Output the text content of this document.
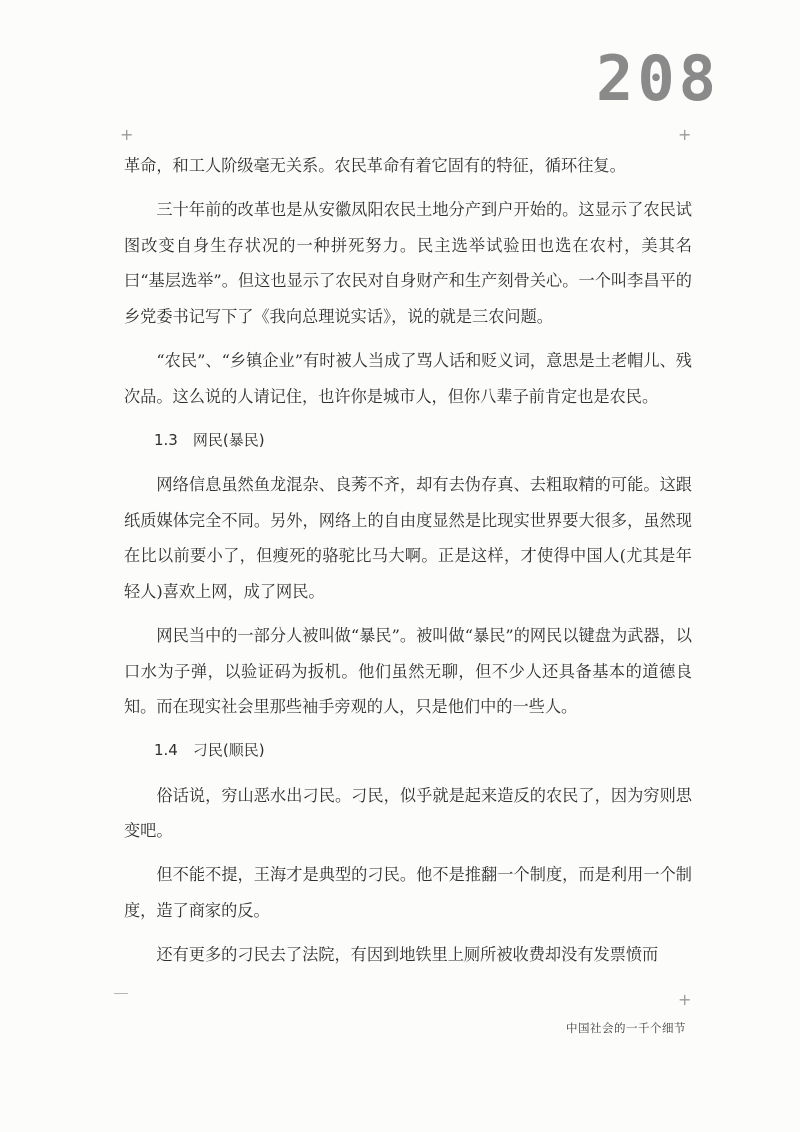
208
+	+
+

革命，和工人阶级毫无关系。农民革命有着它固有的特征，循环往复。

三十年前的改革也是从安徽凤阳农民土地分产到户开始的。这显示了农民试图改变自身生存状况的一种拼死努力。民主选举试验田也选在农村，美其名曰“基层选举”。但这也显示了农民对自身财产和生产刻骨关心。一个叫李昌平的乡党委书记写下了《我向总理说实话》，说的就是三农问题。

“农民”、“乡镇企业”有时被人当成了骂人话和贬义词，意思是土老帽儿、残次品。这么说的人请记住，也许你是城市人，但你八辈子前肯定也是农民。

1.3　网民(暴民)

网络信息虽然鱼龙混杂、良莠不齐，却有去伪存真、去粗取精的可能。这跟纸质媒体完全不同。另外，网络上的自由度显然是比现实世界要大很多，虽然现在比以前要小了，但瘦死的骆驼比马大啊。正是这样，才使得中国人(尤其是年轻人)喜欢上网，成了网民。

网民当中的一部分人被叫做“暴民”。被叫做“暴民”的网民以键盘为武器，以口水为子弹，以验证码为扳机。他们虽然无聊，但不少人还具备基本的道德良知。而在现实社会里那些袖手旁观的人，只是他们中的一些人。

1.4　刁民(顺民)

俗话说，穷山恶水出刁民。刁民，似乎就是起来造反的农民了，因为穷则思变吧。

但不能不提，王海才是典型的刁民。他不是推翻一个制度，而是利用一个制度，造了商家的反。

还有更多的刁民去了法院，有因到地铁里上厕所被收费却没有发票愤而

中国社会的一千个细节
